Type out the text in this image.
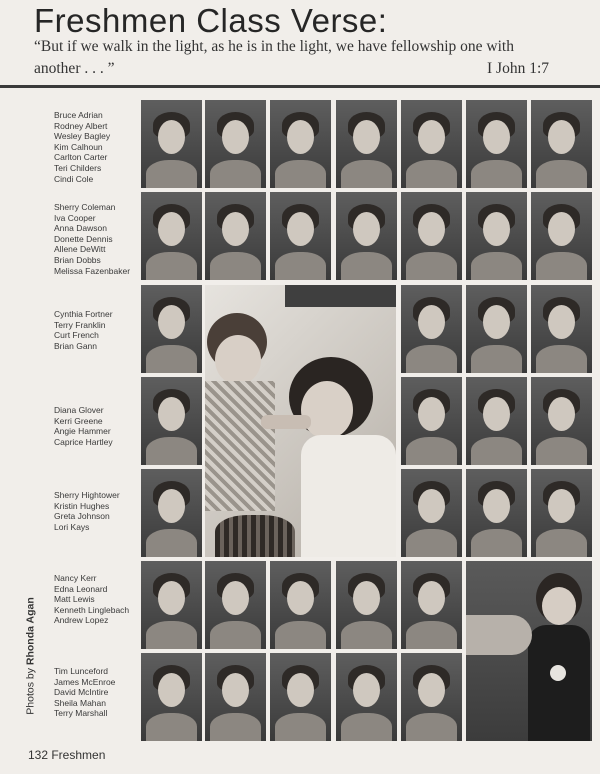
Freshmen Class Verse:
“But if we walk in the light, as he is in the light, we have fellowship one with
another . . . ”	I John 1:7
Bruce Adrian
Rodney Albert
Wesley Bagley
Kim Calhoun
Carlton Carter
Teri Childers
Cindi Cole
Sherry Coleman
Iva Cooper
Anna Dawson
Donette Dennis
Allene DeWitt
Brian Dobbs
Melissa Fazenbaker
Cynthia Fortner
Terry Franklin
Curt French
Brian Gann
Diana Glover
Kerri Greene
Angie Hammer
Caprice Hartley
Sherry Hightower
Kristin Hughes
Greta Johnson
Lori Kays
Nancy Kerr
Edna Leonard
Matt Lewis
Kenneth Linglebach
Andrew Lopez
Tim Lunceford
James McEnroe
David McIntire
Sheila Mahan
Terry Marshall
Photos by Rhonda Agan
132 Freshmen
